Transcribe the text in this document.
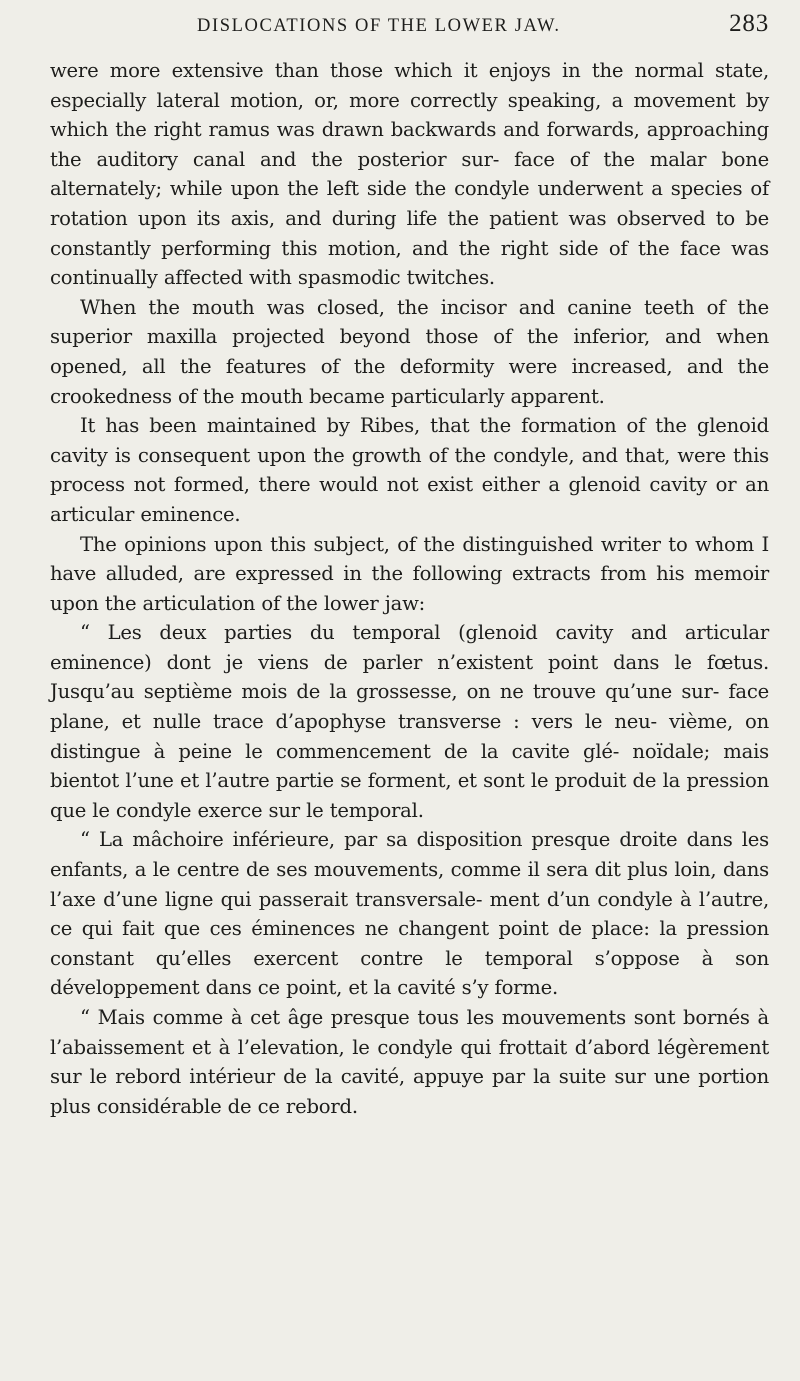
DISLOCATIONS OF THE LOWER JAW.	283

were more extensive than those which it enjoys in the normal state, especially lateral motion, or, more correctly speaking, a movement by which the right ramus was drawn backwards and forwards, approaching the auditory canal and the posterior sur- face of the malar bone alternately; while upon the left side the condyle underwent a species of rotation upon its axis, and during life the patient was observed to be constantly performing this motion, and the right side of the face was continually affected with spasmodic twitches.

When the mouth was closed, the incisor and canine teeth of the superior maxilla projected beyond those of the inferior, and when opened, all the features of the deformity were increased, and the crookedness of the mouth became particularly apparent.

It has been maintained by Ribes, that the formation of the glenoid cavity is consequent upon the growth of the condyle, and that, were this process not formed, there would not exist either a glenoid cavity or an articular eminence.

The opinions upon this subject, of the distinguished writer to whom I have alluded, are expressed in the following extracts from his memoir upon the articulation of the lower jaw:

“ Les deux parties du temporal (glenoid cavity and articular eminence) dont je viens de parler n’existent point dans le fœtus. Jusqu’au septième mois de la grossesse, on ne trouve qu’une sur- face plane, et nulle trace d’apophyse transverse : vers le neu- vième, on distingue à peine le commencement de la cavite glé- noïdale; mais bientot l’une et l’autre partie se forment, et sont le produit de la pression que le condyle exerce sur le temporal.

“ La mâchoire inférieure, par sa disposition presque droite dans les enfants, a le centre de ses mouvements, comme il sera dit plus loin, dans l’axe d’une ligne qui passerait transversale- ment d’un condyle à l’autre, ce qui fait que ces éminences ne changent point de place: la pression constant qu’elles exercent contre le temporal s’oppose à son développement dans ce point, et la cavité s’y forme.

“ Mais comme à cet âge presque tous les mouvements sont bornés à l’abaissement et à l’elevation, le condyle qui frottait d’abord légèrement sur le rebord intérieur de la cavité, appuye par la suite sur une portion plus considérable de ce rebord.
